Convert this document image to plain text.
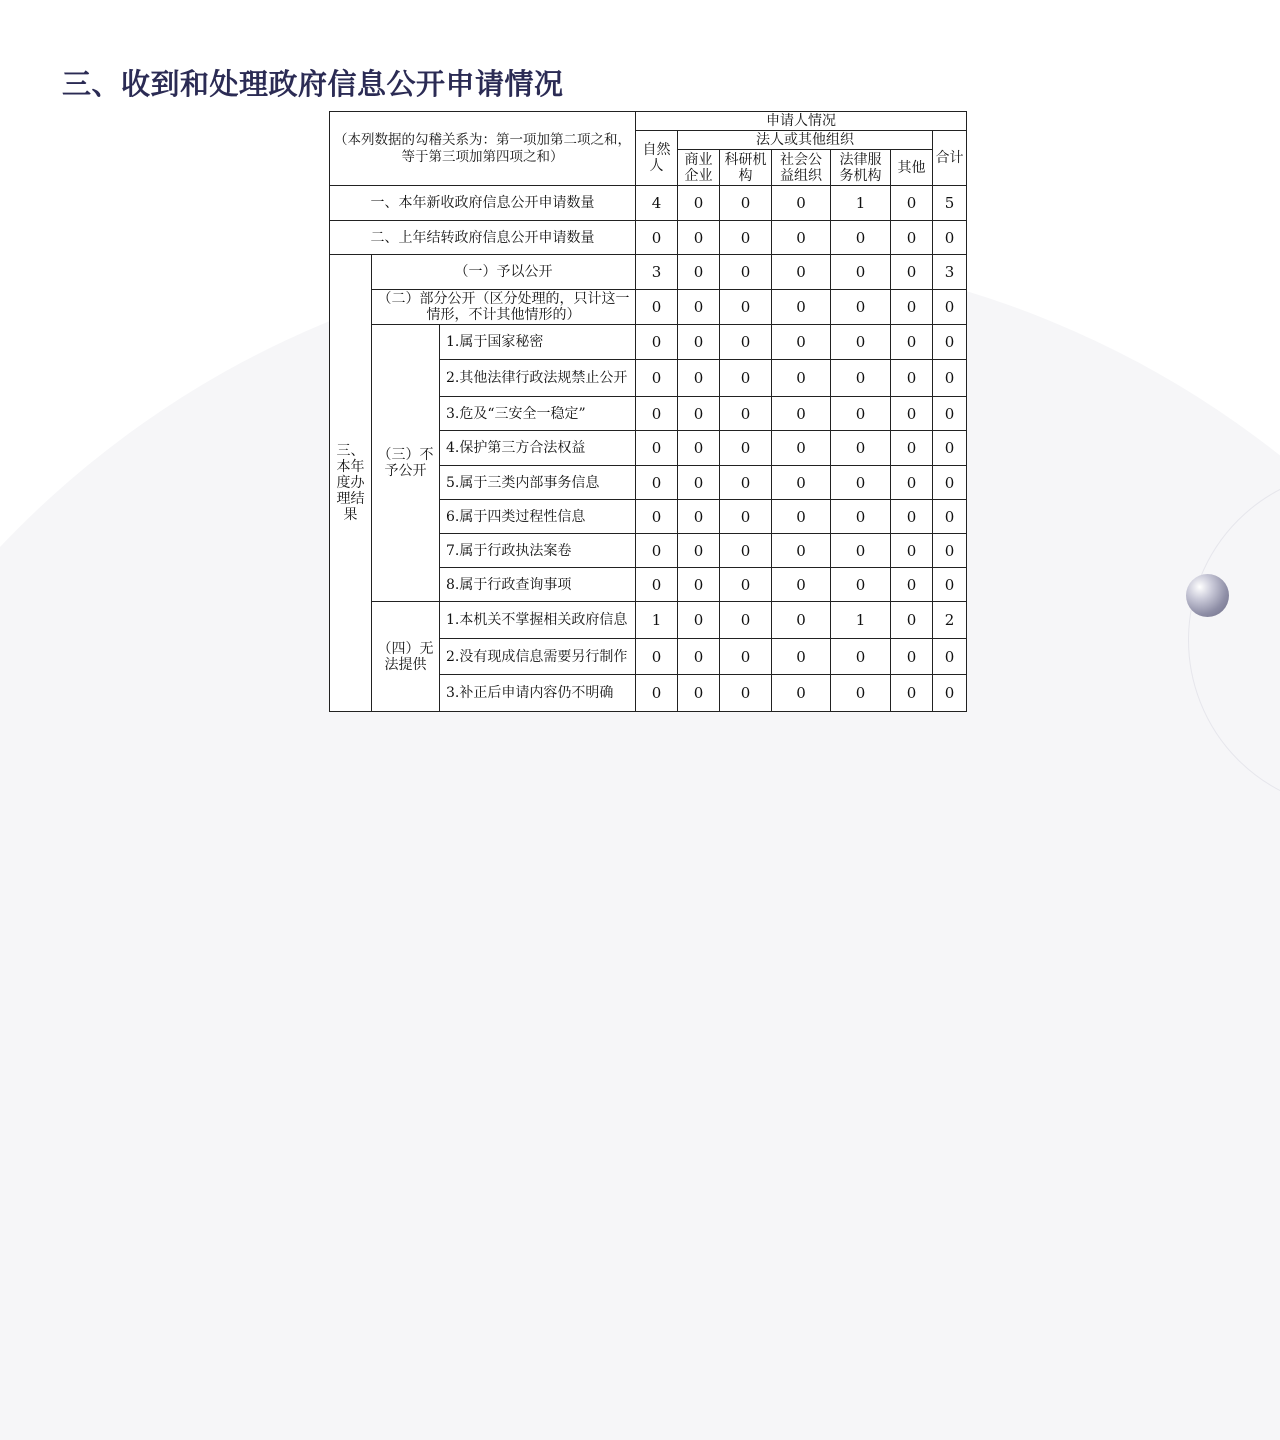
三、收到和处理政府信息公开申请情况
（本列数据的勾稽关系为：第一项加第二项之和，等于第三项加第四项之和）			申请人情况						
			自然人	法人或其他组织					合计
				商业企业	科研机构	社会公益组织	法律服务机构	其他	
一、本年新收政府信息公开申请数量			4	0	0	0	1	0	5
二、上年结转政府信息公开申请数量			0	0	0	0	0	0	0
三、本年度办理结果	（一）予以公开		3	0	0	0	0	0	3
	（二）部分公开（区分处理的，只计这一情形，不计其他情形的）		0	0	0	0	0	0	0
	（三）不予公开	1.属于国家秘密	0	0	0	0	0	0	0
		2.其他法律行政法规禁止公开	0	0	0	0	0	0	0
		3.危及“三安全一稳定”	0	0	0	0	0	0	0
		4.保护第三方合法权益	0	0	0	0	0	0	0
		5.属于三类内部事务信息	0	0	0	0	0	0	0
		6.属于四类过程性信息	0	0	0	0	0	0	0
		7.属于行政执法案卷	0	0	0	0	0	0	0
		8.属于行政查询事项	0	0	0	0	0	0	0
	（四）无法提供	1.本机关不掌握相关政府信息	1	0	0	0	1	0	2
		2.没有现成信息需要另行制作	0	0	0	0	0	0	0
		3.补正后申请内容仍不明确	0	0	0	0	0	0	0
